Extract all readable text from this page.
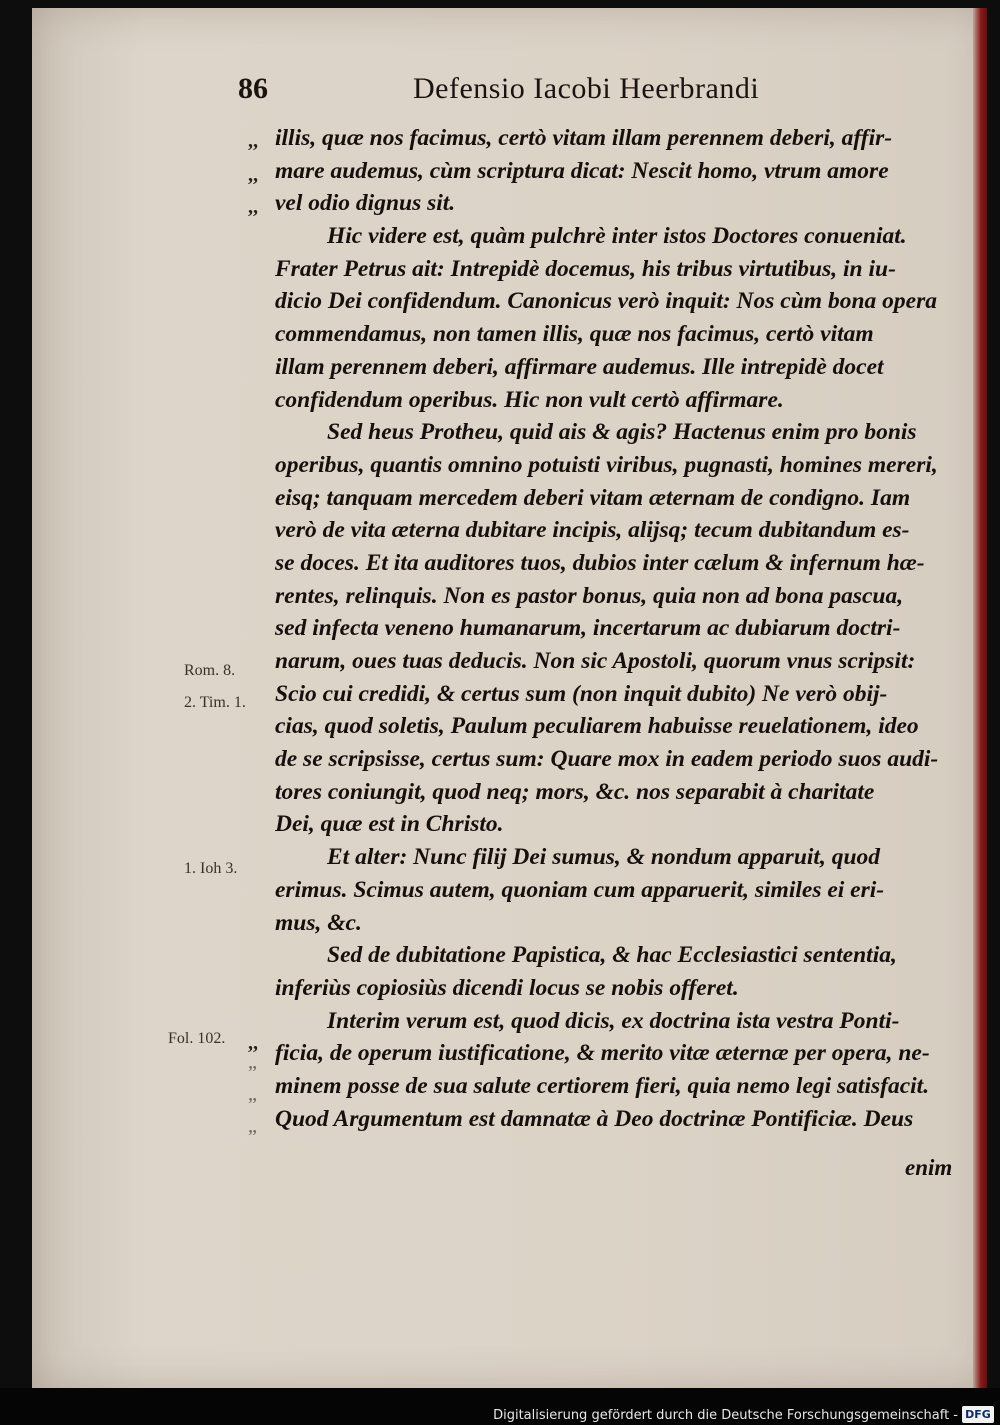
86	Defensio Iacobi Heerbrandi
,,
,,
,,
,,
”
”
”
Rom. 8.
2. Tim. 1.
1. Ioh 3.
Fol. 102.
illis, quæ nos facimus, certò vitam illam perennem deberi, affir-
mare audemus, cùm scriptura dicat: Nescit homo, vtrum amore
vel odio dignus sit.
Hic videre est, quàm pulchrè inter istos Doctores conueniat.
Frater Petrus ait: Intrepidè docemus, his tribus virtutibus, in iu-
dicio Dei confidendum. Canonicus verò inquit: Nos cùm bona opera
commendamus, non tamen illis, quæ nos facimus, certò vitam
illam perennem deberi, affirmare audemus. Ille intrepidè docet
confidendum operibus. Hic non vult certò affirmare.
Sed heus Protheu, quid ais & agis? Hactenus enim pro bonis
operibus, quantis omnino potuisti viribus, pugnasti, homines mereri,
eisq; tanquam mercedem deberi vitam æternam de condigno. Iam
verò de vita æterna dubitare incipis, alijsq; tecum dubitandum es-
se doces. Et ita auditores tuos, dubios inter cælum & infernum hæ-
rentes, relinquis. Non es pastor bonus, quia non ad bona pascua,
sed infecta veneno humanarum, incertarum ac dubiarum doctri-
narum, oues tuas deducis. Non sic Apostoli, quorum vnus scripsit:
Scio cui credidi, & certus sum (non inquit dubito) Ne verò obij-
cias, quod soletis, Paulum peculiarem habuisse reuelationem, ideo
de se scripsisse, certus sum: Quare mox in eadem periodo suos audi-
tores coniungit, quod neq; mors, &c. nos separabit à charitate
Dei, quæ est in Christo.
Et alter: Nunc filij Dei sumus, & nondum apparuit, quod
erimus. Scimus autem, quoniam cum apparuerit, similes ei eri-
mus, &c.
Sed de dubitatione Papistica, & hac Ecclesiastici sententia,
inferiùs copiosiùs dicendi locus se nobis offeret.
Interim verum est, quod dicis, ex doctrina ista vestra Ponti-
ficia, de operum iustificatione, & merito vitæ æternæ per opera, ne-
minem posse de sua salute certiorem fieri, quia nemo legi satisfacit.
Quod Argumentum est damnatæ à Deo doctrinæ Pontificiæ. Deus
enim
Digitalisierung gefördert durch die Deutsche Forschungsgemeinschaft - DFG
